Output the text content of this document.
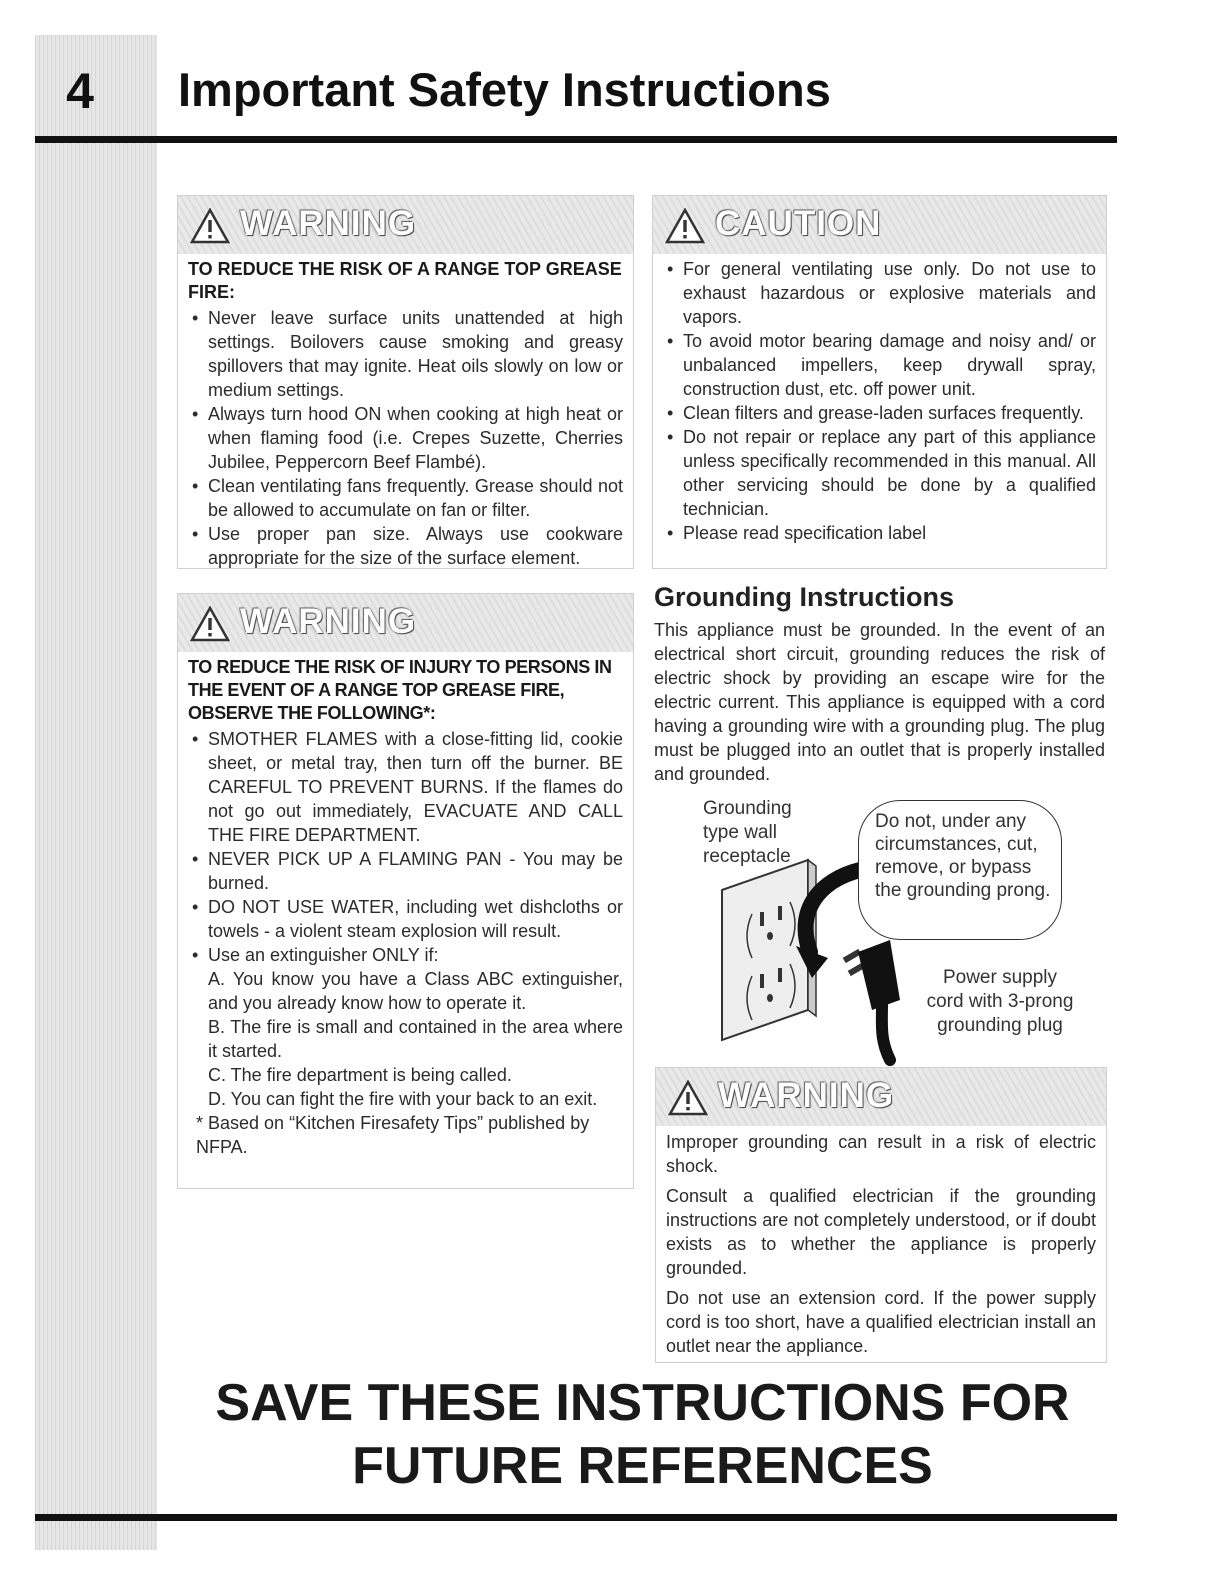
4	Important Safety Instructions
WARNING
TO REDUCE THE RISK OF A RANGE TOP GREASE FIRE:
• Never leave surface units unattended at high settings. Boilovers cause smoking and greasy spillovers that may ignite. Heat oils slowly on low or medium settings.
• Always turn hood ON when cooking at high heat or when flaming food (i.e. Crepes Suzette, Cherries Jubilee, Peppercorn Beef Flambé).
• Clean ventilating fans frequently. Grease should not be allowed to accumulate on fan or filter.
• Use proper pan size. Always use cookware appropriate for the size of the surface element.
WARNING
TO REDUCE THE RISK OF INJURY TO PERSONS IN THE EVENT OF A RANGE TOP GREASE FIRE, OBSERVE THE FOLLOWING*:
• SMOTHER FLAMES with a close-fitting lid, cookie sheet, or metal tray, then turn off the burner. BE CAREFUL TO PREVENT BURNS. If the flames do not go out immediately, EVACUATE AND CALL THE FIRE DEPARTMENT.
• NEVER PICK UP A FLAMING PAN - You may be burned.
• DO NOT USE WATER, including wet dishcloths or towels - a violent steam explosion will result.
• Use an extinguisher ONLY if:
A. You know you have a Class ABC extinguisher, and you already know how to operate it.
B. The fire is small and contained in the area where it started.
C. The fire department is being called.
D. You can fight the fire with your back to an exit.
* Based on “Kitchen Firesafety Tips” published by NFPA.
CAUTION
• For general ventilating use only. Do not use to exhaust hazardous or explosive materials and vapors.
• To avoid motor bearing damage and noisy and/ or unbalanced impellers, keep drywall spray, construction dust, etc. off power unit.
• Clean filters and grease-laden surfaces frequently.
• Do not repair or replace any part of this appliance unless specifically recommended in this manual. All other servicing should be done by a qualified technician.
• Please read specification label
Grounding Instructions
This appliance must be grounded. In the event of an electrical short circuit, grounding reduces the risk of electric shock by providing an escape wire for the electric current. This appliance is equipped with a cord having a grounding wire with a grounding plug. The plug must be plugged into an outlet that is properly installed and grounded.
Grounding
type wall
receptacle
Do not, under any circumstances, cut, remove, or bypass the grounding prong.
Power supply
cord with 3-prong
grounding plug
WARNING

Improper grounding can result in a risk of electric shock.

Consult a qualified electrician if the grounding instructions are not completely understood, or if doubt exists as to whether the appliance is properly grounded.

Do not use an extension cord. If the power supply cord is too short, have a qualified electrician install an outlet near the appliance.

SAVE THESE INSTRUCTIONS FOR
FUTURE REFERENCES
